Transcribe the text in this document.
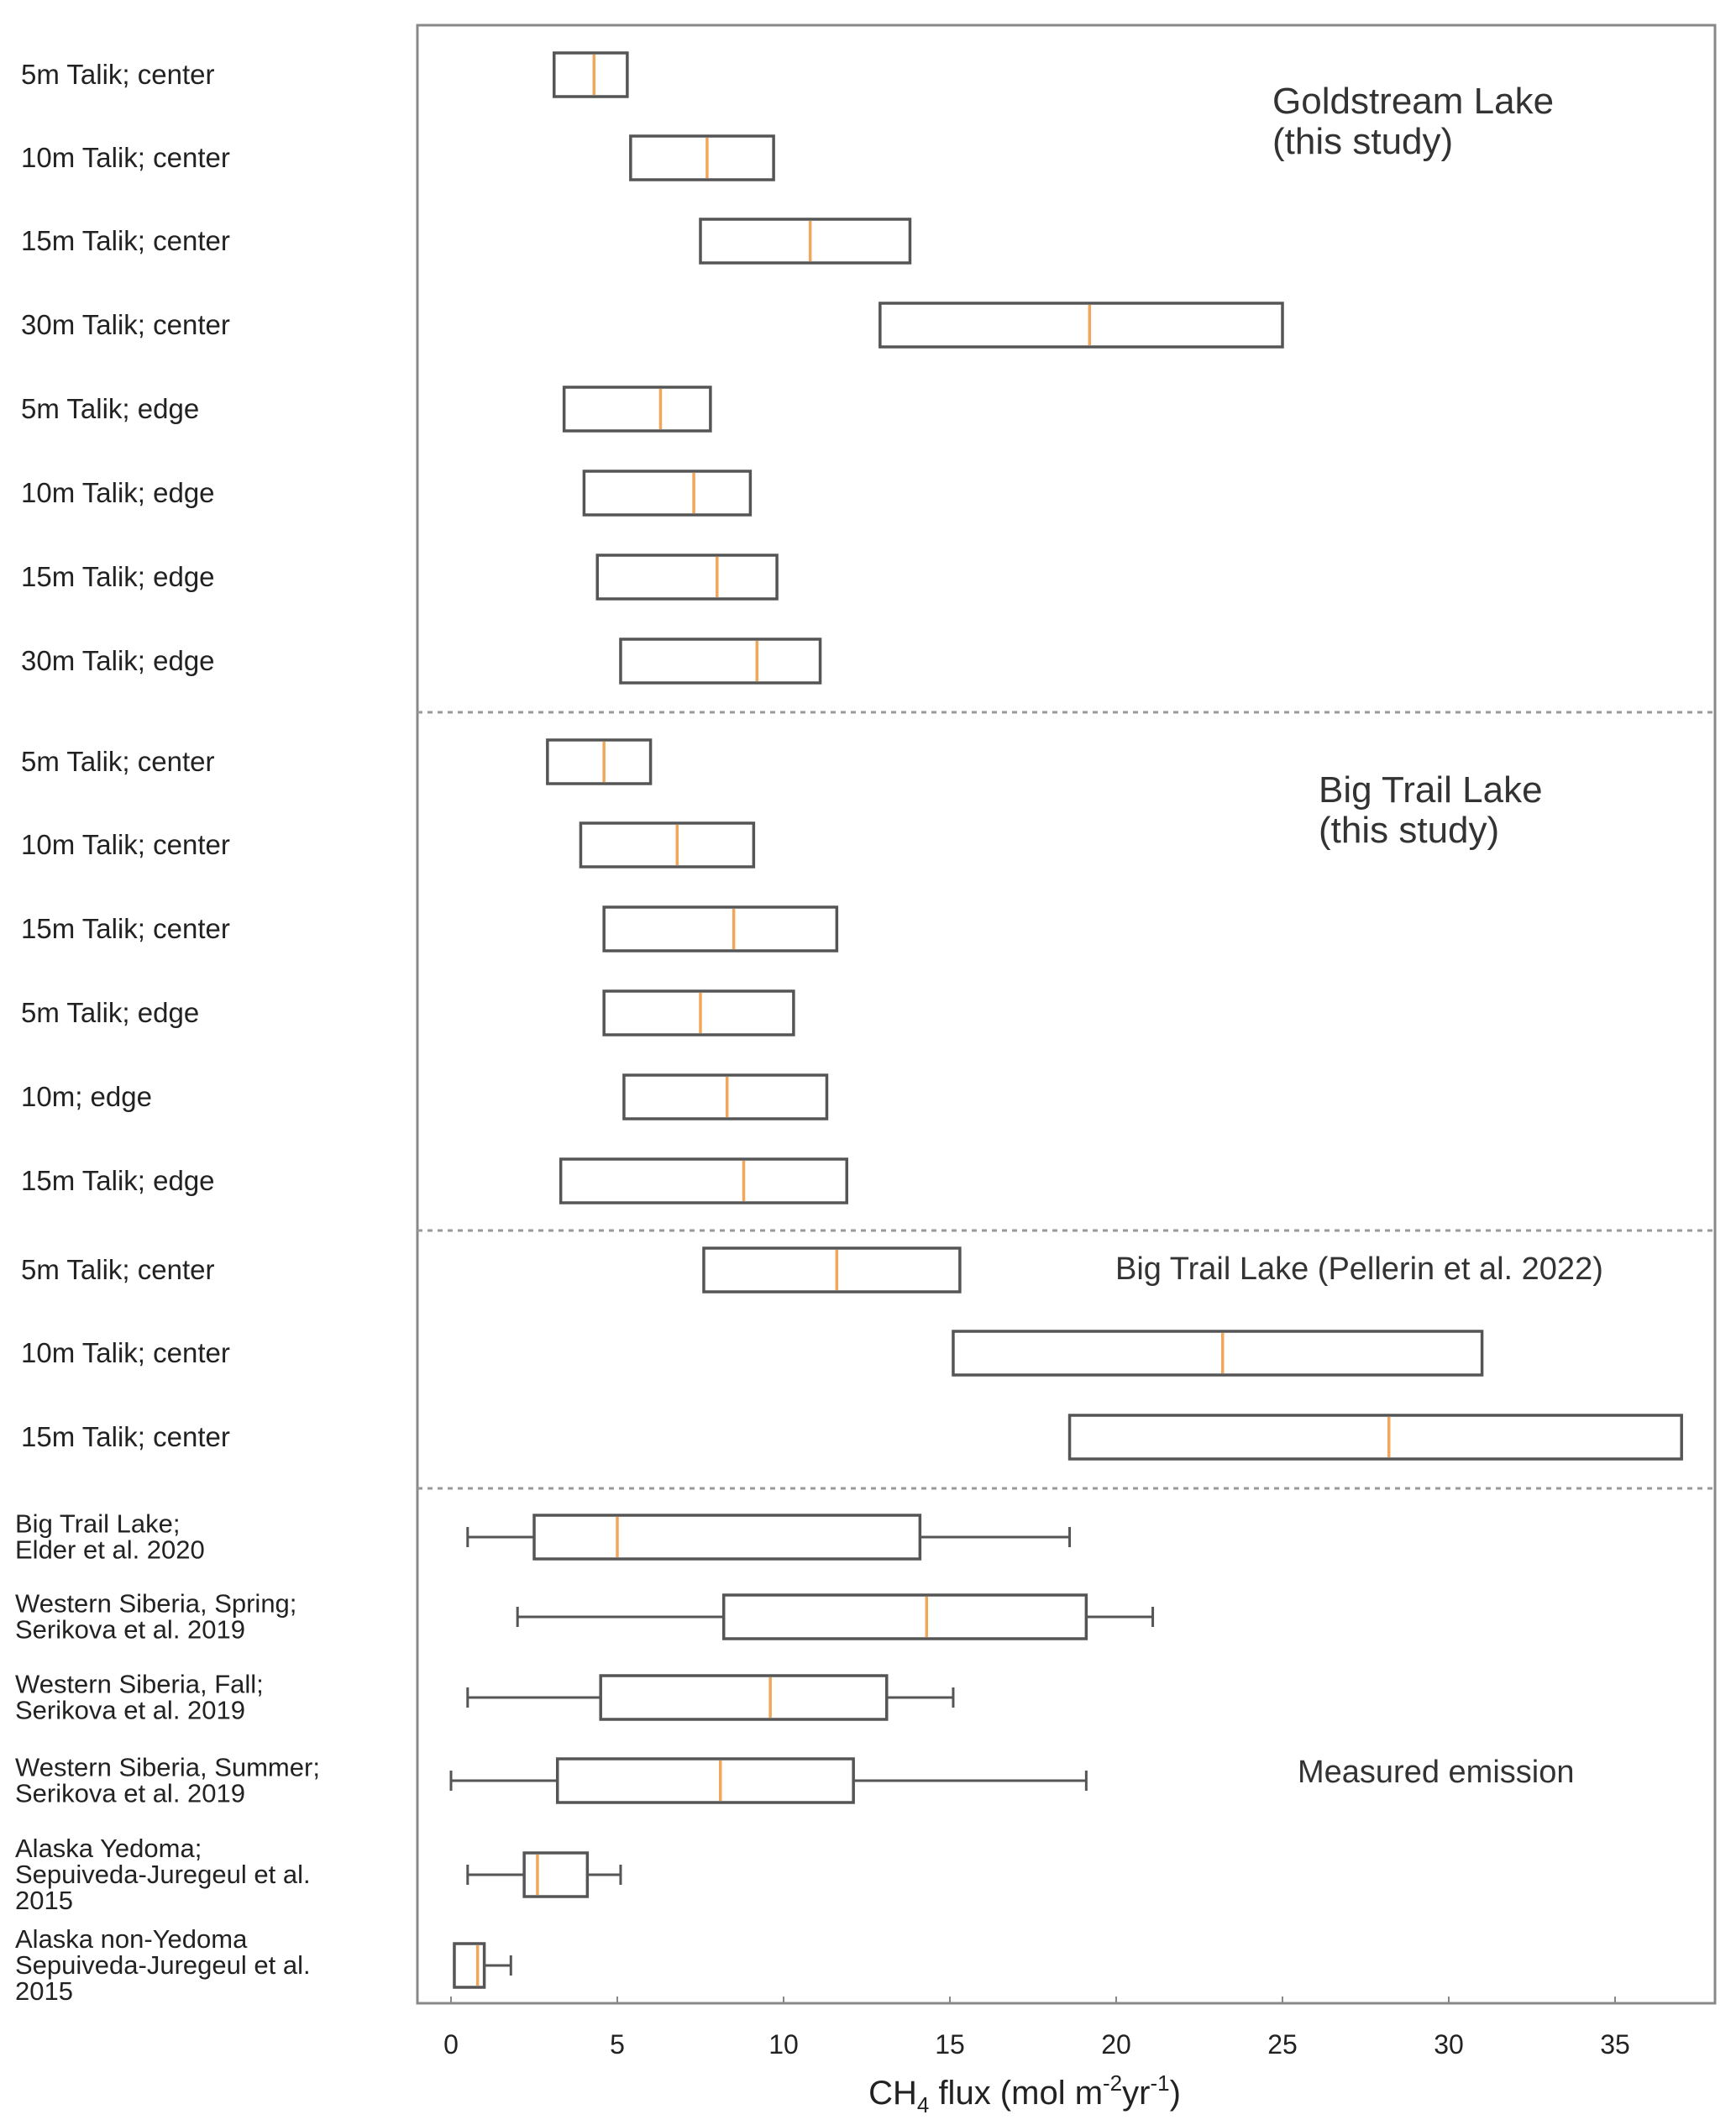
5m Talik; center
10m Talik; center
15m Talik; center
30m Talik; center
5m Talik; edge
10m Talik; edge
15m Talik; edge
30m Talik; edge
5m Talik; center
10m Talik; center
15m Talik; center
5m Talik; edge
10m; edge
15m Talik; edge
5m Talik; center
10m Talik; center
15m Talik; center
Big Trail Lake;
Elder et al. 2020
Western Siberia, Spring;
Serikova et al. 2019
Western Siberia, Fall;
Serikova et al. 2019
Western Siberia, Summer;
Serikova et al. 2019
Alaska Yedoma;
Sepuiveda-Juregeul et al.
2015
Alaska non-Yedoma
Sepuiveda-Juregeul et al.
2015
0	5	10	15	20	25	30	35
$CH_4$ flux (mol $m^{-2}yr^{-1}$)
Goldstream Lake
(this study)
Big Trail Lake
(this study)
Big Trail Lake (Pellerin et al. 2022)
Measured emission
